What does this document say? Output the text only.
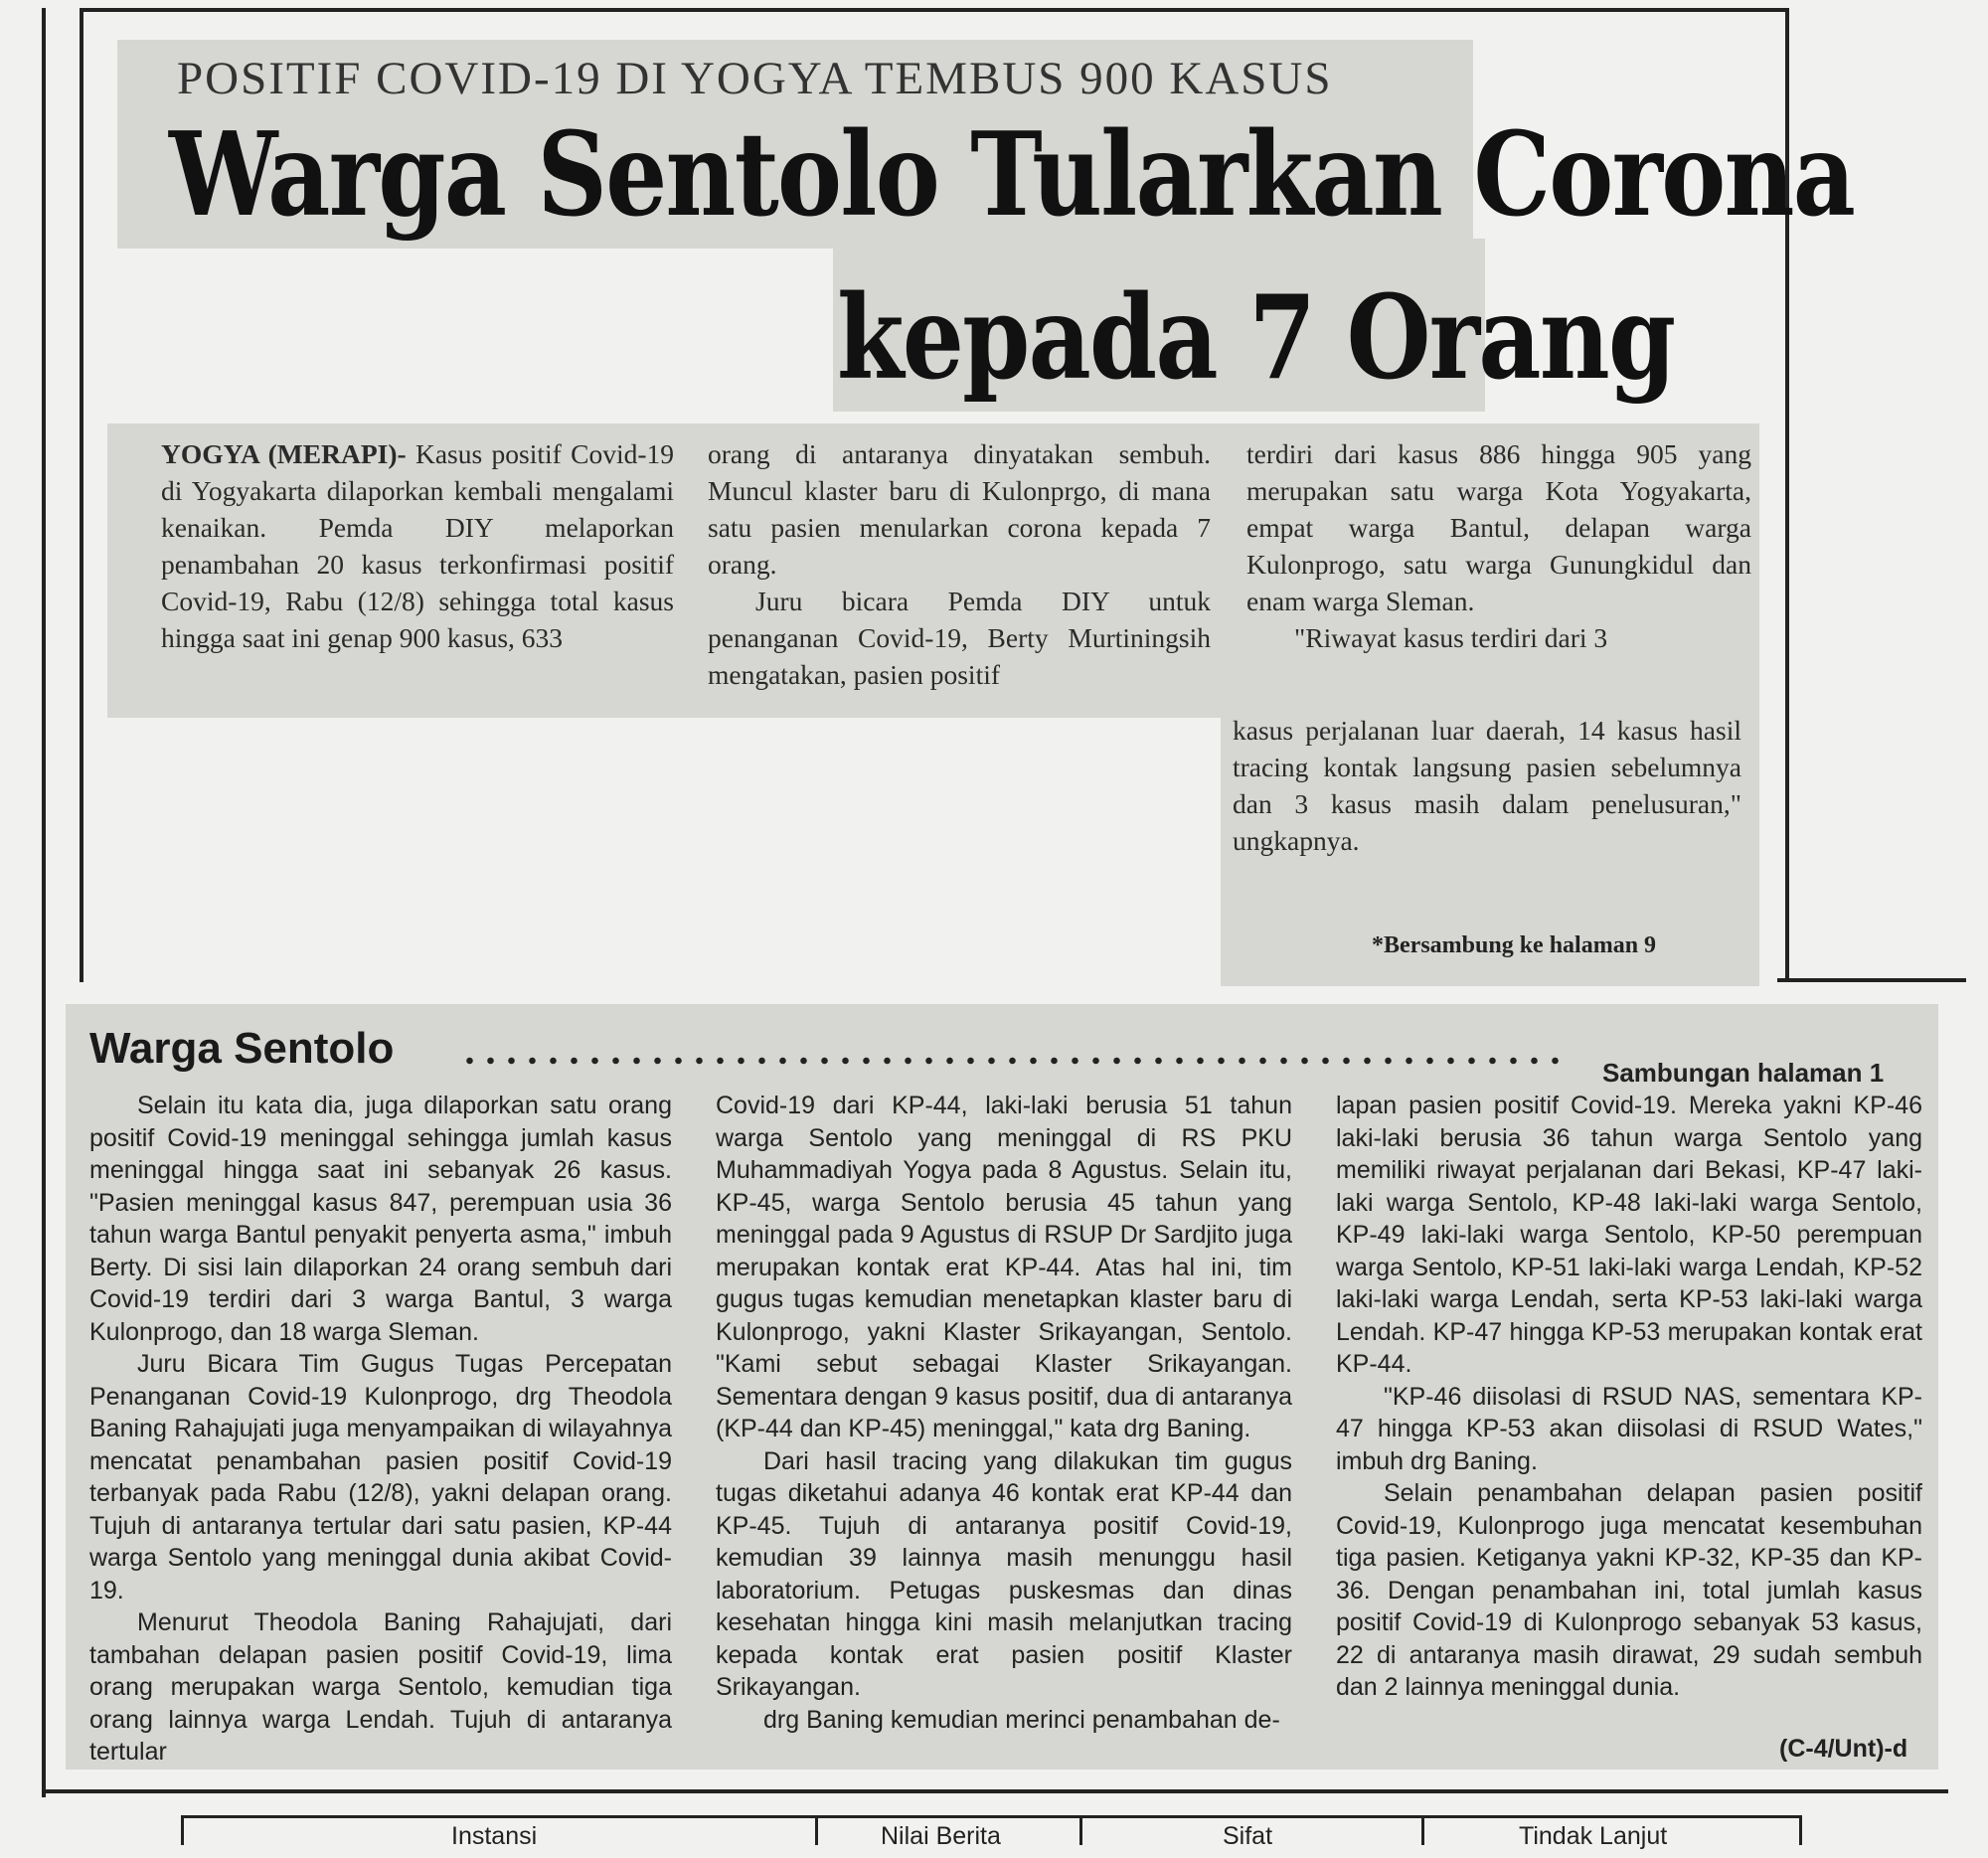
POSITIF COVID-19 DI YOGYA TEMBUS 900 KASUS
Warga Sentolo Tularkan Corona
kepada 7 Orang

YOGYA (MERAPI)- Kasus positif Covid-19 di Yogyakarta dilaporkan kembali mengalami kenaikan. Pemda DIY melaporkan penambahan 20 kasus terkonfirmasi positif Covid-19, Rabu (12/8) sehingga total kasus hingga saat ini genap 900 kasus, 633

orang di antaranya dinyatakan sembuh. Muncul klaster baru di Kulonprgo, di mana satu pasien menularkan corona kepada 7 orang.

Juru bicara Pemda DIY untuk penanganan Covid-19, Berty Murtiningsih mengatakan, pasien positif

terdiri dari kasus 886 hingga 905 yang merupakan satu warga Kota Yogyakarta, empat warga Bantul, delapan warga Kulonprogo, satu warga Gunungkidul dan enam warga Sleman.

"Riwayat kasus terdiri dari 3

kasus perjalanan luar daerah, 14 kasus hasil tracing kontak langsung pasien sebelumnya dan 3 kasus masih dalam penelusuran," ungkapnya.

*Bersambung ke halaman 9
Warga Sentolo	Sambungan halaman 1

Selain itu kata dia, juga dilaporkan satu orang positif Covid-19 meninggal sehingga jumlah kasus meninggal hingga saat ini sebanyak 26 kasus. "Pasien meninggal kasus 847, perempuan usia 36 tahun warga Bantul penyakit penyerta asma," imbuh Berty. Di sisi lain dilaporkan 24 orang sembuh dari Covid-19 terdiri dari 3 warga Bantul, 3 warga Kulonprogo, dan 18 warga Sleman.

Juru Bicara Tim Gugus Tugas Percepatan Penanganan Covid-19 Kulonprogo, drg Theodola Baning Rahajujati juga menyampaikan di wilayahnya mencatat penambahan pasien positif Covid-19 terbanyak pada Rabu (12/8), yakni delapan orang. Tujuh di antaranya tertular dari satu pasien, KP-44 warga Sentolo yang meninggal dunia akibat Covid-19.

Menurut Theodola Baning Rahajujati, dari tambahan delapan pasien positif Covid-19, lima orang merupakan warga Sentolo, kemudian tiga orang lainnya warga Lendah. Tujuh di antaranya tertular

Covid-19 dari KP-44, laki-laki berusia 51 tahun warga Sentolo yang meninggal di RS PKU Muhammadiyah Yogya pada 8 Agustus. Selain itu, KP-45, warga Sentolo berusia 45 tahun yang meninggal pada 9 Agustus di RSUP Dr Sardjito juga merupakan kontak erat KP-44. Atas hal ini, tim gugus tugas kemudian menetapkan klaster baru di Kulonprogo, yakni Klaster Srikayangan, Sentolo. "Kami sebut sebagai Klaster Srikayangan. Sementara dengan 9 kasus positif, dua di antaranya (KP-44 dan KP-45) meninggal," kata drg Baning.

Dari hasil tracing yang dilakukan tim gugus tugas diketahui adanya 46 kontak erat KP-44 dan KP-45. Tujuh di antaranya positif Covid-19, kemudian 39 lainnya masih menunggu hasil laboratorium. Petugas puskesmas dan dinas kesehatan hingga kini masih melanjutkan tracing kepada kontak erat pasien positif Klaster Srikayangan.

drg Baning kemudian merinci penambahan de-

lapan pasien positif Covid-19. Mereka yakni KP-46 laki-laki berusia 36 tahun warga Sentolo yang memiliki riwayat perjalanan dari Bekasi, KP-47 laki-laki warga Sentolo, KP-48 laki-laki warga Sentolo, KP-49 laki-laki warga Sentolo, KP-50 perempuan warga Sentolo, KP-51 laki-laki warga Lendah, KP-52 laki-laki warga Lendah, serta KP-53 laki-laki warga Lendah. KP-47 hingga KP-53 merupakan kontak erat KP-44.

"KP-46 diisolasi di RSUD NAS, sementara KP-47 hingga KP-53 akan diisolasi di RSUD Wates," imbuh drg Baning.

Selain penambahan delapan pasien positif Covid-19, Kulonprogo juga mencatat kesembuhan tiga pasien. Ketiganya yakni KP-32, KP-35 dan KP-36. Dengan penambahan ini, total jumlah kasus positif Covid-19 di Kulonprogo sebanyak 53 kasus, 22 di antaranya masih dirawat, 29 sudah sembuh dan 2 lainnya meninggal dunia.

(C-4/Unt)-d
Instansi	Nilai Berita	Sifat	Tindak Lanjut
